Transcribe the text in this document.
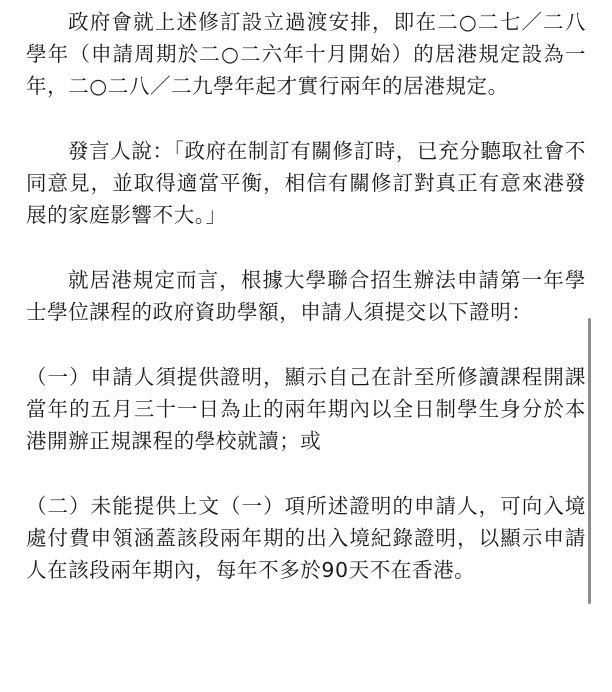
政府會就上述修訂設立過渡安排，即在二○二七／二八學年（申請周期於二○二六年十月開始）的居港規定設為一年，二○二八／二九學年起才實行兩年的居港規定。

發言人說：「政府在制訂有關修訂時，已充分聽取社會不同意見，並取得適當平衡，相信有關修訂對真正有意來港發展的家庭影響不大。」

就居港規定而言，根據大學聯合招生辦法申請第一年學士學位課程的政府資助學額，申請人須提交以下證明：

（一）申請人須提供證明，顯示自己在計至所修讀課程開課當年的五月三十一日為止的兩年期內以全日制學生身分於本港開辦正規課程的學校就讀；或

（二）未能提供上文（一）項所述證明的申請人，可向入境處付費申領涵蓋該段兩年期的出入境紀錄證明，以顯示申請人在該段兩年期內，每年不多於90天不在香港。
